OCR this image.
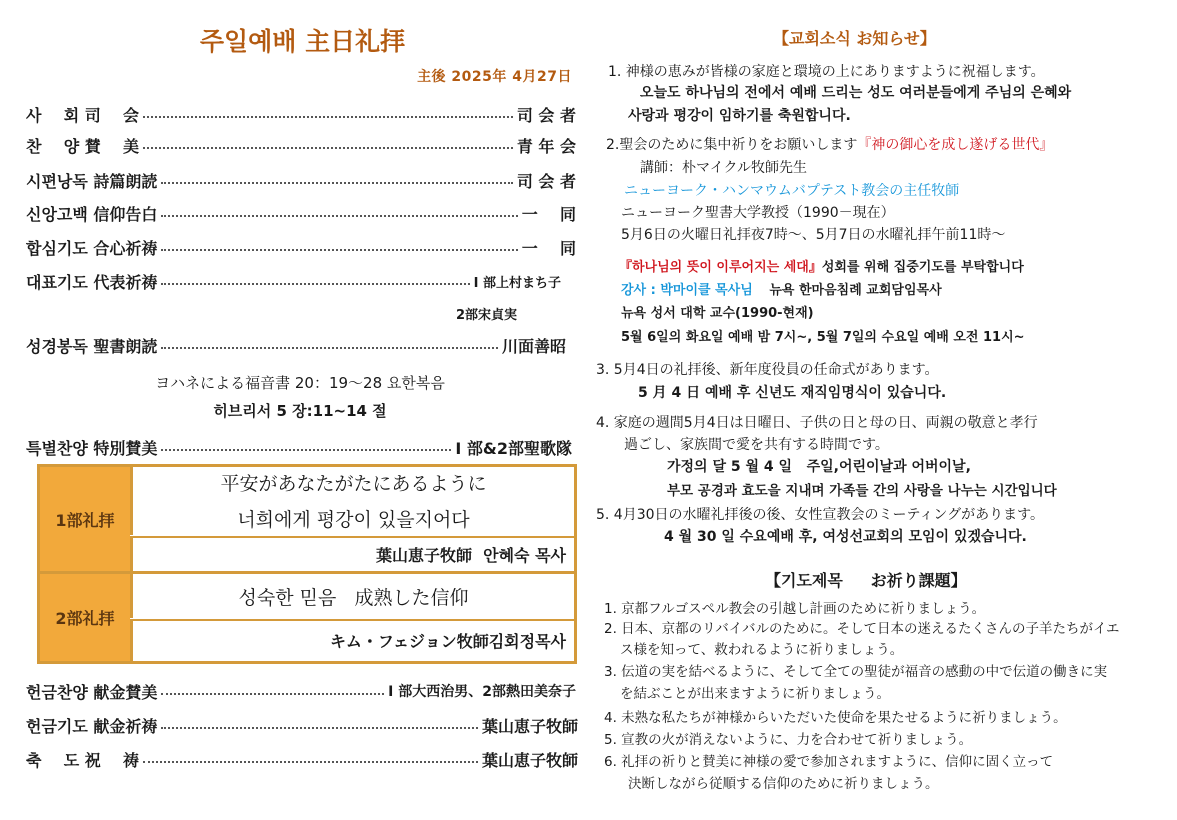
주일예배 主日礼拝
主後 2025年 4月27日
사    회 司    会	司 会 者
찬    양 賛    美	青 年 会
시편낭독 詩篇朗読	司 会 者
신앙고백 信仰告白	一    同
합심기도 合心祈祷	一    同
대표기도 代表祈祷	I 部上村まち子
2部宋貞実
성경봉독 聖書朗読	川面善昭
ヨハネによる福音書 20：19～28 요한복음
히브리서 5 장:11~14 절
특별찬양 特別賛美	I 部&2部聖歌隊
1部礼拝
平安があなたがたにあるように
너희에게 평강이 있을지어다
葉山恵子牧師  안혜숙 목사
2部礼拝
성숙한 믿음   成熟した信仰
キム・フェジョン牧師김회정목사
헌금찬양 献金賛美	I 部大西治男、2部熱田美奈子
헌금기도 献金祈祷	葉山恵子牧師
축    도 祝    祷	葉山恵子牧師
【교회소식 お知らせ】
1. 神様の恵みが皆様の家庭と環境の上にありますように祝福します。
오늘도 하나님의 전에서 예배 드리는 성도 여러분들에게 주님의 은혜와
사랑과 평강이 임하기를 축원합니다.
2.聖会のために集中祈りをお願いします『神の御心を成し遂げる世代』
講師：朴マイクル牧師先生
ニューヨーク・ハンマウムバプテスト教会の主任牧師
ニューヨーク聖書大学教授（1990－現在）
5月6日の火曜日礼拝夜7時～、5月7日の水曜礼拝午前11時～
『하나님의 뜻이 이루어지는 세대』성회를 위해 집중기도를 부탁합니다
강사 : 박마이클 목사님 뉴욕 한마음침례 교회담임목사
뉴욕 성서 대학 교수(1990-현재)
5월 6일의 화요일 예배 밤 7시~, 5월 7일의 수요일 예배 오전 11시~
3. 5月4日の礼拝後、新年度役員の任命式があります。
5 月 4 日 예배 후 신년도 재직임명식이 있습니다.
4. 家庭の週間5月4日は日曜日、子供の日と母の日、両親の敬意と孝行
過ごし、家族間で愛を共有する時間です。
가정의 달 5 월 4 일   주일,어린이날과 어버이날,
부모 공경과 효도을 지내며 가족들 간의 사랑을 나누는 시간입니다
5. 4月30日の水曜礼拝後の後、女性宣教会のミーティングがあります。
4 월 30 일 수요예배 후, 여성선교회의 모임이 있겠습니다.
【기도제목     お祈り課題】
1. 京都フルゴスペル教会の引越し計画のために祈りましょう。
2. 日本、京都のリバイバルのために。そして日本の迷えるたくさんの子羊たちがイエ
ス様を知って、救われるように祈りましょう。
3. 伝道の実を結べるように、そして全ての聖徒が福音の感動の中で伝道の働きに実
を結ぶことが出来ますように祈りましょう。
4. 未熟な私たちが神様からいただいた使命を果たせるように祈りましょう。
5. 宣教の火が消えないように、力を合わせて祈りましょう。
6. 礼拝の祈りと賛美に神様の愛で参加されますように、信仰に固く立って
決断しながら従順する信仰のために祈りましょう。
